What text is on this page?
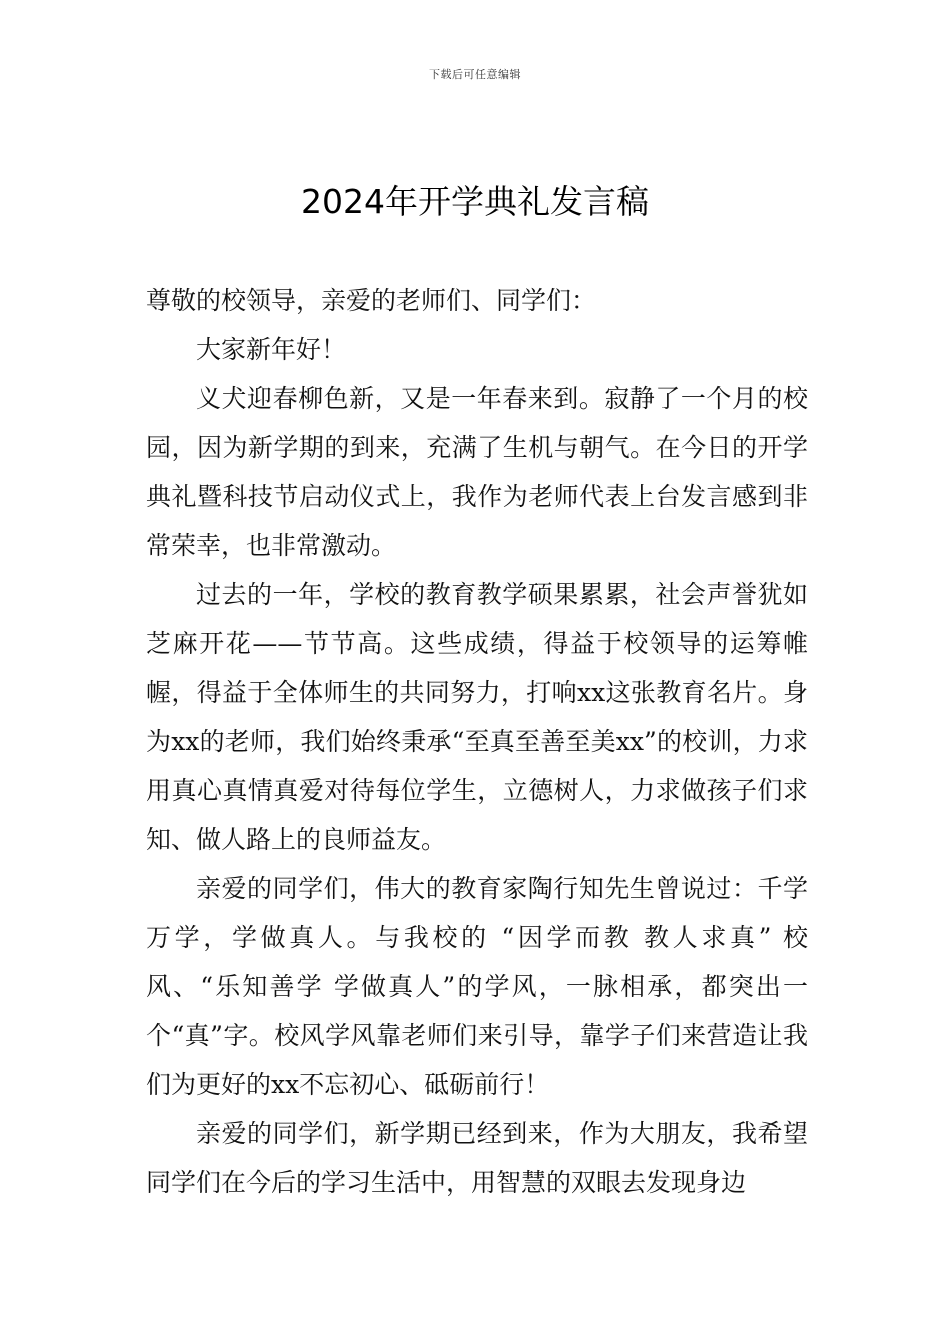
下载后可任意编辑
2024年开学典礼发言稿

尊敬的校领导，亲爱的老师们、同学们：

大家新年好！

义犬迎春柳色新，又是一年春来到。寂静了一个月的校园，因为新学期的到来，充满了生机与朝气。在今日的开学典礼暨科技节启动仪式上，我作为老师代表上台发言感到非常荣幸，也非常激动。

过去的一年，学校的教育教学硕果累累，社会声誉犹如芝麻开花——节节高。这些成绩，得益于校领导的运筹帷幄，得益于全体师生的共同努力，打响xx这张教育名片。身为xx的老师，我们始终秉承“至真至善至美xx”的校训，力求用真心真情真爱对待每位学生，立德树人，力求做孩子们求知、做人路上的良师益友。

亲爱的同学们，伟大的教育家陶行知先生曾说过：千学万学，学做真人。与我校的 “因学而教 教人求真” 校风、“乐知善学 学做真人”的学风，一脉相承，都突出一个“真”字。校风学风靠老师们来引导，靠学子们来营造让我们为更好的xx不忘初心、砥砺前行！

亲爱的同学们，新学期已经到来，作为大朋友，我希望同学们在今后的学习生活中，用智慧的双眼去发现身边
